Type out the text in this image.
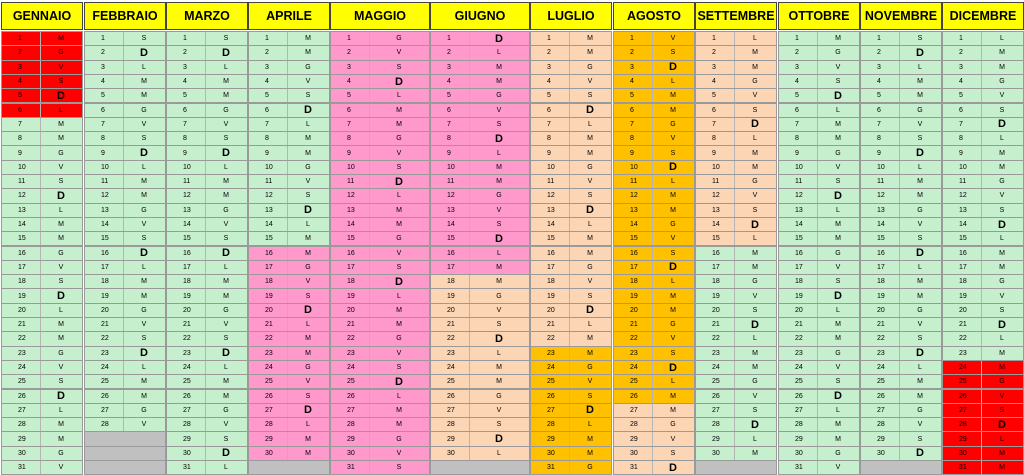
GENNAIO
1	M
2	G
3	V
4	S
5	D
6	L
7	M
8	M
9	G
10	V
11	S
12	D
13	L
14	M
15	M
16	G
17	V
18	S
19	D
20	L
21	M
22	M
23	G
24	V
25	S
26	D
27	L
28	M
29	M
30	G
31	V
FEBBRAIO
1	S
2	D
3	L
4	M
5	M
6	G
7	V
8	S
9	D
10	L
11	M
12	M
13	G
14	V
15	S
16	D
17	L
18	M
19	M
20	G
21	V
22	S
23	D
24	L
25	M
26	M
27	G
28	V
MARZO
1	S
2	D
3	L
4	M
5	M
6	G
7	V
8	S
9	D
10	L
11	M
12	M
13	G
14	V
15	S
16	D
17	L
18	M
19	M
20	G
21	V
22	S
23	D
24	L
25	M
26	M
27	G
28	V
29	S
30	D
31	L
APRILE
1	M
2	M
3	G
4	V
5	S
6	D
7	L
8	M
9	M
10	G
11	V
12	S
13	D
14	L
15	M
16	M
17	G
18	V
19	S
20	D
21	L
22	M
23	M
24	G
25	V
26	S
27	D
28	L
29	M
30	M
MAGGIO
1	G
2	V
3	S
4	D
5	L
6	M
7	M
8	G
9	V
10	S
11	D
12	L
13	M
14	M
15	G
16	V
17	S
18	D
19	L
20	M
21	M
22	G
23	V
24	S
25	D
26	L
27	M
28	M
29	G
30	V
31	S
GIUGNO
1	D
2	L
3	M
4	M
5	G
6	V
7	S
8	D
9	L
10	M
11	M
12	G
13	V
14	S
15	D
16	L
17	M
18	M
19	G
20	V
21	S
22	D
23	L
24	M
25	M
26	G
27	V
28	S
29	D
30	L
LUGLIO
1	M
2	M
3	G
4	V
5	S
6	D
7	L
8	M
9	M
10	G
11	V
12	S
13	D
14	L
15	M
16	M
17	G
18	V
19	S
20	D
21	L
22	M
23	M
24	G
25	V
26	S
27	D
28	L
29	M
30	M
31	G
AGOSTO
1	V
2	S
3	D
4	L
5	M
6	M
7	G
8	V
9	S
10	D
11	L
12	M
13	M
14	G
15	V
16	S
17	D
18	L
19	M
20	M
21	G
22	V
23	S
24	D
25	L
26	M
27	M
28	G
29	V
30	S
31	D
SETTEMBRE
1	L
2	M
3	M
4	G
5	V
6	S
7	D
8	L
9	M
10	M
11	G
12	V
13	S
14	D
15	L
16	M
17	M
18	G
19	V
20	S
21	D
22	L
23	M
24	M
25	G
26	V
27	S
28	D
29	L
30	M
OTTOBRE
1	M
2	G
3	V
4	S
5	D
6	L
7	M
8	M
9	G
10	V
11	S
12	D
13	L
14	M
15	M
16	G
17	V
18	S
19	D
20	L
21	M
22	M
23	G
24	V
25	S
26	D
27	L
28	M
29	M
30	G
31	V
NOVEMBRE
1	S
2	D
3	L
4	M
5	M
6	G
7	V
8	S
9	D
10	L
11	M
12	M
13	G
14	V
15	S
16	D
17	L
18	M
19	M
20	G
21	V
22	S
23	D
24	L
25	M
26	M
27	G
28	V
29	S
30	D
DICEMBRE
1	L
2	M
3	M
4	G
5	V
6	S
7	D
8	L
9	M
10	M
11	G
12	V
13	S
14	D
15	L
16	M
17	M
18	G
19	V
20	S
21	D
22	L
23	M
24	M
25	G
26	V
27	S
28	D
29	L
30	M
31	M
